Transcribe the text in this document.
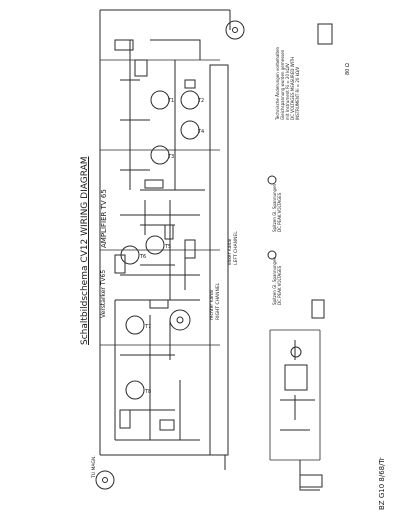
T1	T2
T3
T4
T5
T6
T7
T8
Schaltbildschema CV12 WIRING DIAGRAM AMPLIFIER TV 65
Verstärker TV65	rechter Kanal RIGHT CHANNEL
linker Kanal LEFT CHANNEL
Spitzen Gl. Spannungen DC PEAK VOLTAGES
Spitzen Gl. Spannungen DC PEAK VOLTAGES
Technische Änderungen vorbehalten Gleichspannung wurden gemessen mit Instrument Ri = 20 kΩ/V DC VOLTAGES MEASURED WITH INSTRUMENT Ri = 20 kΩ/V	80 Ω
BZ G10 8/68/Tr
TU MAGN.
